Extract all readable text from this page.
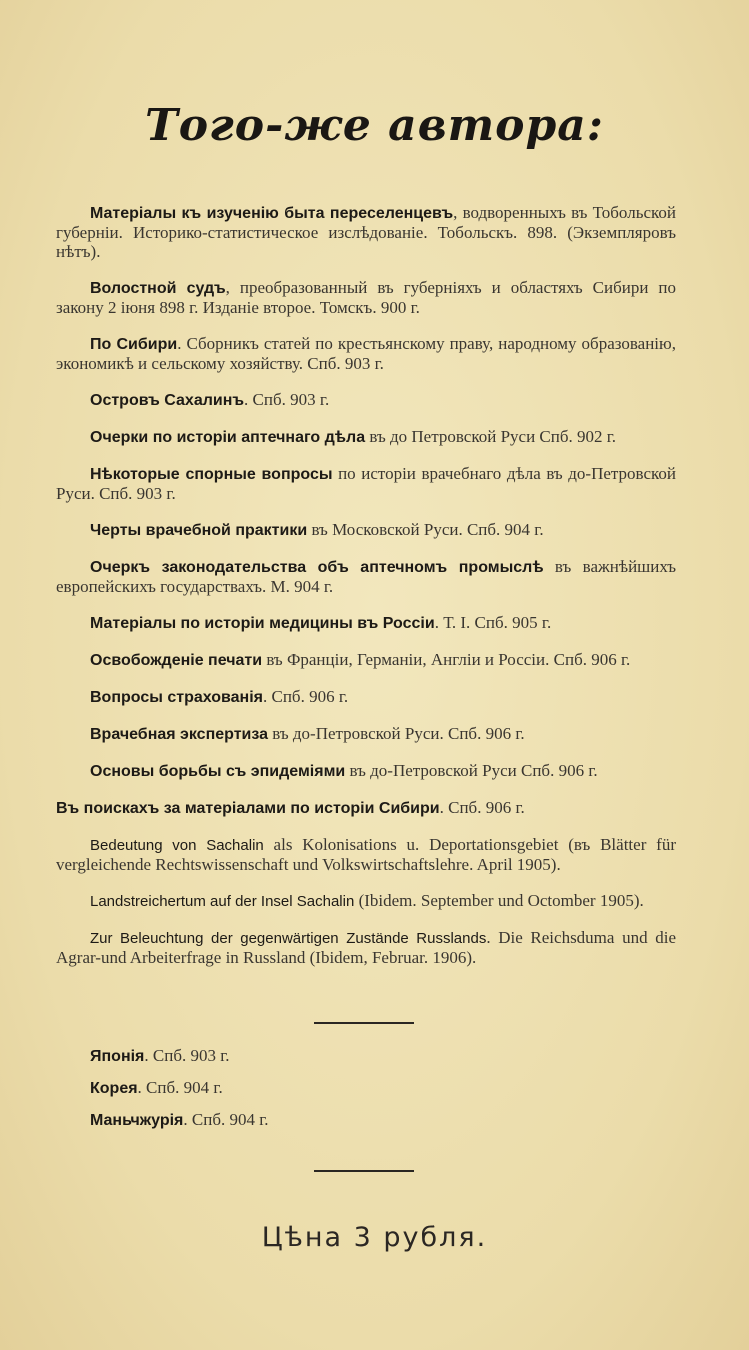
Того-же автора:

Матеріалы къ изученію быта переселенцевъ, водворенныхъ въ Тобольской губерніи. Историко-статистическое изслѣдованіе. Тобольскъ. 898. (Экземпляровъ нѣтъ).

Волостной судъ, преобразованный въ губерніяхъ и областяхъ Сибири по закону 2 іюня 898 г. Изданіе второе. Томскъ. 900 г.

По Сибири. Сборникъ статей по крестьянскому праву, народному образованію, экономикѣ и сельскому хозяйству. Спб. 903 г.

Островъ Сахалинъ. Спб. 903 г.

Очерки по исторіи аптечнаго дѣла въ до Петровской Руси Спб. 902 г.

Нѣкоторые спорные вопросы по исторіи врачебнаго дѣла въ до-Петровской Руси. Спб. 903 г.

Черты врачебной практики въ Московской Руси. Спб. 904 г.

Очеркъ законодательства объ аптечномъ промыслѣ въ важнѣйшихъ европейскихъ государствахъ. М. 904 г.

Матеріалы по исторіи медицины въ Россіи. Т. І. Спб. 905 г.

Освобожденіе печати въ Франціи, Германіи, Англіи и Россіи. Спб. 906 г.

Вопросы страхованія. Спб. 906 г.

Врачебная экспертиза въ до-Петровской Руси. Спб. 906 г.

Основы борьбы съ эпидеміями въ до-Петровской Руси Спб. 906 г.

Въ поискахъ за матеріалами по исторіи Сибири. Спб. 906 г.

Bedeutung von Sachalin als Kolonisations u. Deportationsgebiet (въ Blätter für vergleichende Rechtswissenschaft und Volkswirtschaftslehre. April 1905).

Landstreichertum auf der Insel Sachalin (Ibidem. September und Octomber 1905).

Zur Beleuchtung der gegenwärtigen Zustände Russlands. Die Reichsduma und die Agrar-und Arbeiterfrage in Russland (Ibidem, Februar. 1906).

Японія. Спб. 903 г.
Корея. Спб. 904 г.
Маньчжурія. Спб. 904 г.
Цѣна 3 рубля.
